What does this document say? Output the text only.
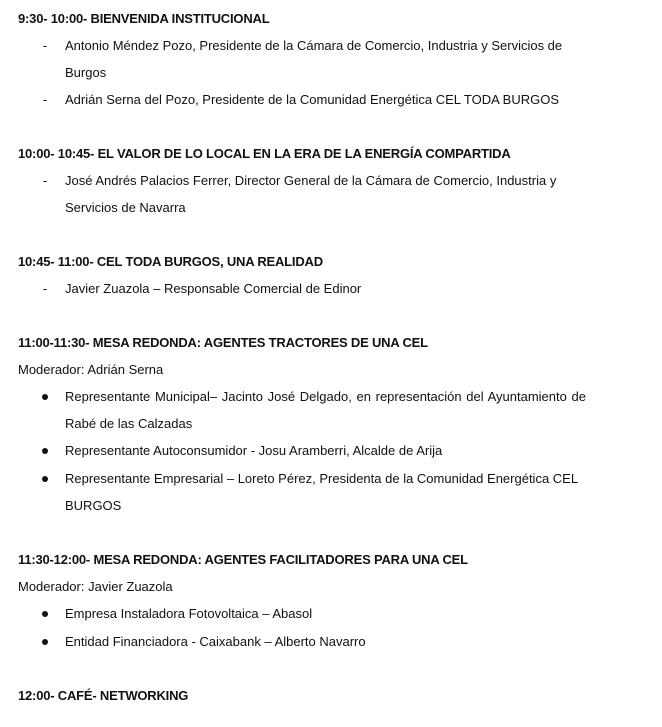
9:30- 10:00- BIENVENIDA INSTITUCIONAL
-	Antonio Méndez Pozo, Presidente de la Cámara de Comercio, Industria y Servicios de Burgos
-	Adrián Serna del Pozo, Presidente de la Comunidad Energética CEL TODA BURGOS
10:00- 10:45- EL VALOR DE LO LOCAL EN LA ERA DE LA ENERGÍA COMPARTIDA
-	José Andrés Palacios Ferrer, Director General de la Cámara de Comercio, Industria y Servicios de Navarra
10:45- 11:00- CEL TODA BURGOS, UNA REALIDAD
-	Javier Zuazola – Responsable Comercial de Edinor
11:00-11:30- MESA REDONDA: AGENTES TRACTORES DE UNA CEL
Moderador: Adrián Serna
Representante Municipal– Jacinto José Delgado, en representación del Ayuntamiento de Rabé de las Calzadas
Representante Autoconsumidor - Josu Aramberri, Alcalde de Arija
Representante Empresarial – Loreto Pérez, Presidenta de la Comunidad Energética CEL BURGOS
11:30-12:00- MESA REDONDA: AGENTES FACILITADORES PARA UNA CEL
Moderador: Javier Zuazola
Empresa Instaladora Fotovoltaica – Abasol
Entidad Financiadora - Caixabank – Alberto Navarro
12:00- CAFÉ- NETWORKING
